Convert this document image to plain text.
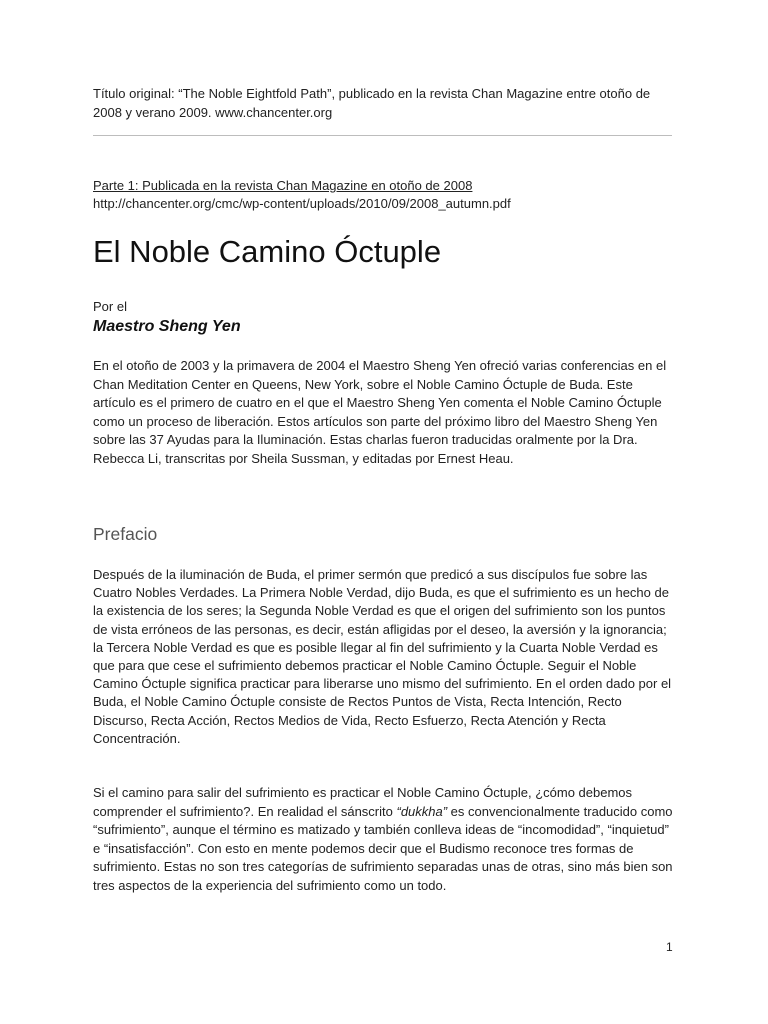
Título original: “The Noble Eightfold Path”, publicado en la revista Chan Magazine entre otoño de 2008 y verano 2009. www.chancenter.org

Parte 1: Publicada en la revista Chan Magazine en otoño de 2008

http://chancenter.org/cmc/wp-content/uploads/2010/09/2008_autumn.pdf

El Noble Camino Óctuple

Por el

Maestro Sheng Yen

En el otoño de 2003 y la primavera de 2004 el Maestro Sheng Yen ofreció varias conferencias en el Chan Meditation Center en Queens, New York, sobre el Noble Camino Óctuple de Buda. Este artículo es el primero de cuatro en el que el Maestro Sheng Yen comenta el Noble Camino Óctuple como un proceso de liberación. Estos artículos son parte del próximo libro del Maestro Sheng Yen sobre las 37 Ayudas para la Iluminación. Estas charlas fueron traducidas oralmente por la Dra. Rebecca Li, transcritas por Sheila Sussman, y editadas por Ernest Heau.

Prefacio

Después de la iluminación de Buda, el primer sermón que predicó a sus discípulos fue sobre las Cuatro Nobles Verdades. La Primera Noble Verdad, dijo Buda, es que el sufrimiento es un hecho de la existencia de los seres; la Segunda Noble Verdad es que el origen del sufrimiento son los puntos de vista erróneos de las personas, es decir, están afligidas por el deseo, la aversión y la ignorancia; la Tercera Noble Verdad es que es posible llegar al fin del sufrimiento y la Cuarta Noble Verdad es que para que cese el sufrimiento debemos practicar el Noble Camino Óctuple. Seguir el Noble Camino Óctuple significa practicar para liberarse uno mismo del sufrimiento. En el orden dado por el Buda, el Noble Camino Óctuple consiste de Rectos Puntos de Vista, Recta Intención, Recto Discurso, Recta Acción, Rectos Medios de Vida, Recto Esfuerzo, Recta Atención y Recta Concentración.

Si el camino para salir del sufrimiento es practicar el Noble Camino Óctuple, ¿cómo debemos comprender el sufrimiento?. En realidad el sánscrito “dukkha” es convencionalmente traducido como “sufrimiento”, aunque el término es matizado y también conlleva ideas de “incomodidad”, “inquietud” e “insatisfacción”. Con esto en mente podemos decir que el Budismo reconoce tres formas de sufrimiento. Estas no son tres categorías de sufrimiento separadas unas de otras, sino más bien son tres aspectos de la experiencia del sufrimiento como un todo.

1
